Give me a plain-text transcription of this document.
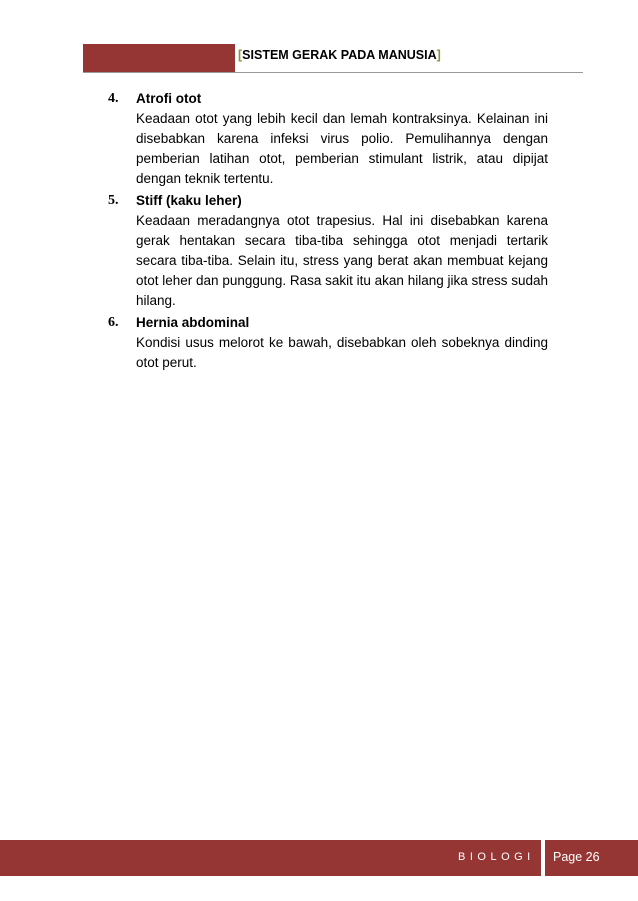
[SISTEM GERAK PADA MANUSIA]
4. Atrofi otot
Keadaan otot yang lebih kecil dan lemah kontraksinya. Kelainan ini disebabkan karena infeksi virus polio. Pemulihannya dengan pemberian latihan otot, pemberian stimulant listrik, atau dipijat dengan teknik tertentu.
5. Stiff (kaku leher)
Keadaan meradangnya otot trapesius. Hal ini disebabkan karena gerak hentakan secara tiba-tiba sehingga otot menjadi tertarik secara tiba-tiba. Selain itu, stress yang berat akan membuat kejang otot leher dan punggung. Rasa sakit itu akan hilang jika stress sudah hilang.
6. Hernia abdominal
Kondisi usus melorot ke bawah, disebabkan oleh sobeknya dinding otot perut.
BIOLOGI Page 26
